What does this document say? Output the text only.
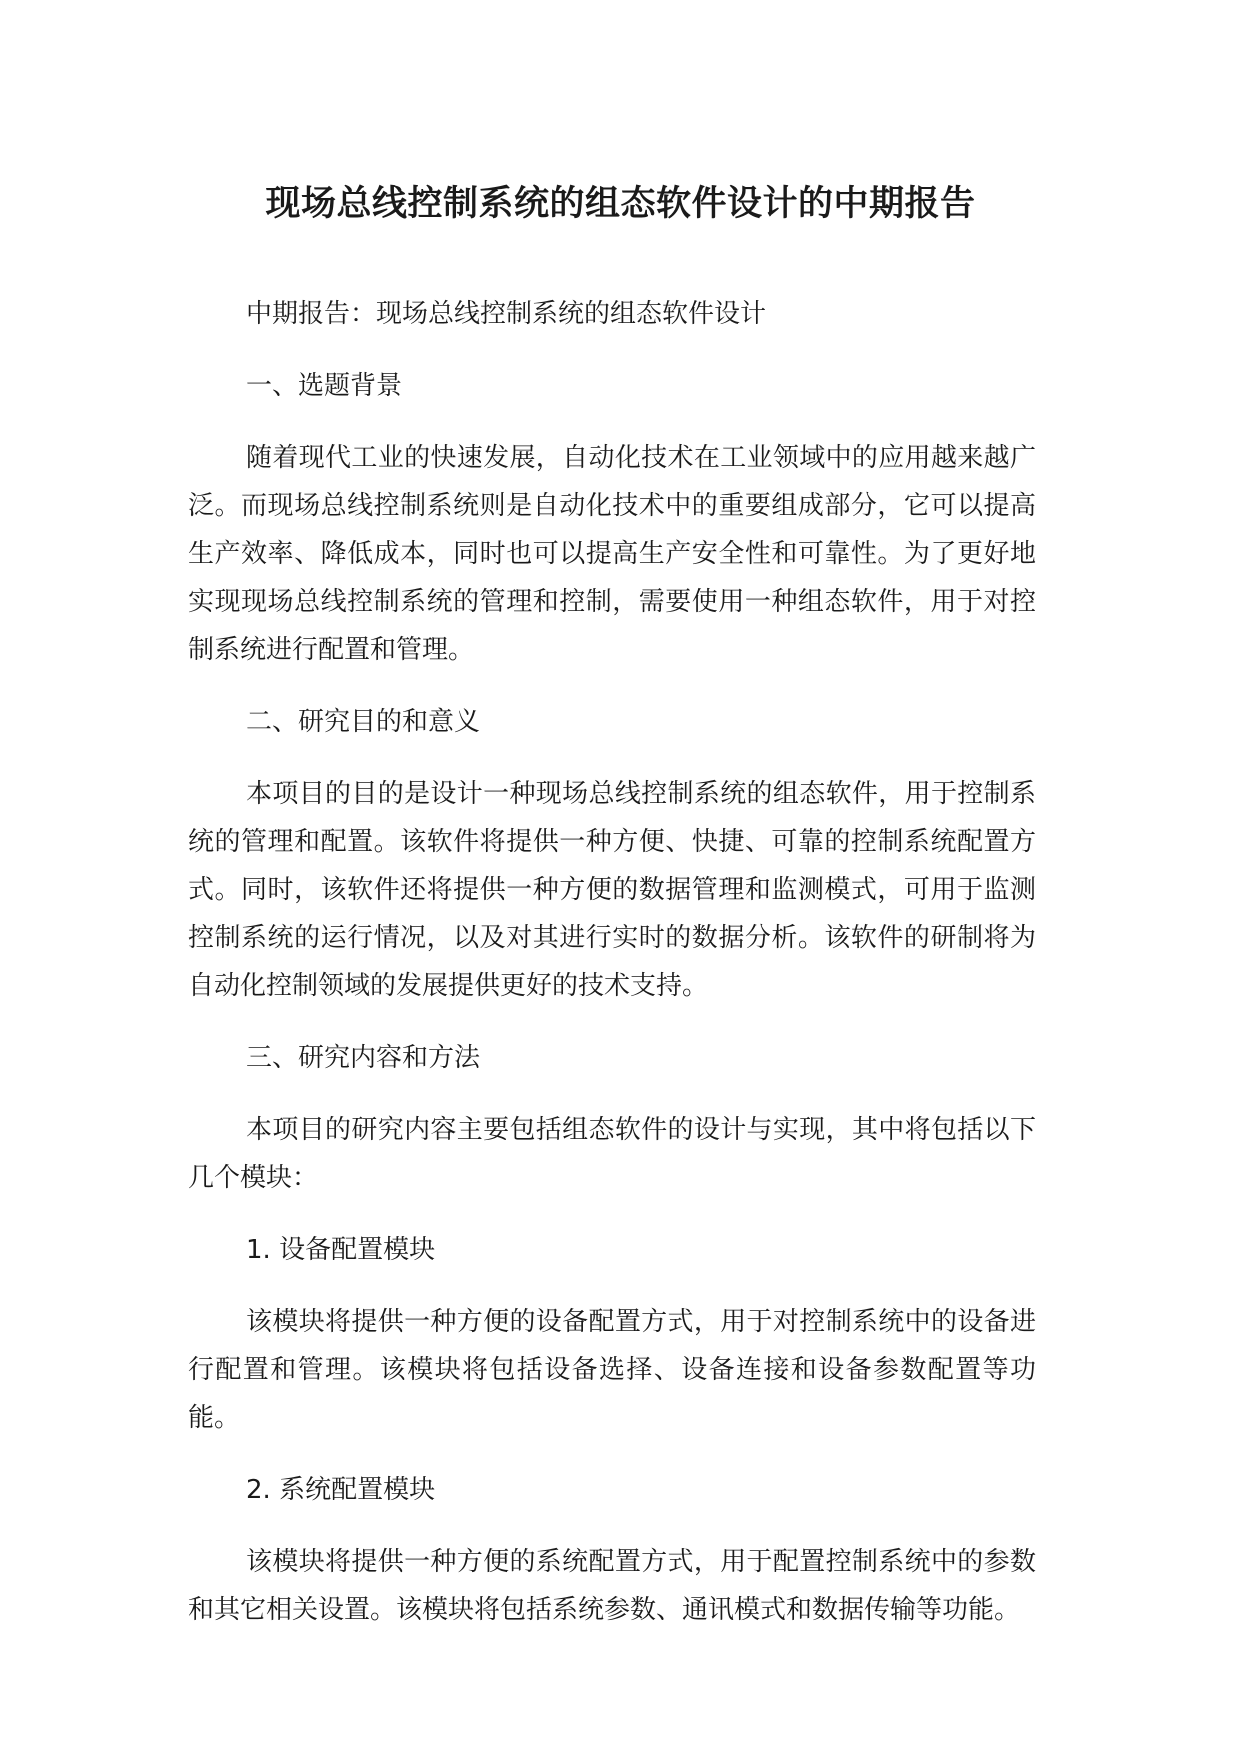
现场总线控制系统的组态软件设计的中期报告

中期报告：现场总线控制系统的组态软件设计

一、选题背景

随着现代工业的快速发展，自动化技术在工业领域中的应用越来越广泛。而现场总线控制系统则是自动化技术中的重要组成部分，它可以提高生产效率、降低成本，同时也可以提高生产安全性和可靠性。为了更好地实现现场总线控制系统的管理和控制，需要使用一种组态软件，用于对控制系统进行配置和管理。

二、研究目的和意义

本项目的目的是设计一种现场总线控制系统的组态软件，用于控制系统的管理和配置。该软件将提供一种方便、快捷、可靠的控制系统配置方式。同时，该软件还将提供一种方便的数据管理和监测模式，可用于监测控制系统的运行情况，以及对其进行实时的数据分析。该软件的研制将为自动化控制领域的发展提供更好的技术支持。

三、研究内容和方法

本项目的研究内容主要包括组态软件的设计与实现，其中将包括以下几个模块：

1. 设备配置模块

该模块将提供一种方便的设备配置方式，用于对控制系统中的设备进行配置和管理。该模块将包括设备选择、设备连接和设备参数配置等功能。

2. 系统配置模块

该模块将提供一种方便的系统配置方式，用于配置控制系统中的参数和其它相关设置。该模块将包括系统参数、通讯模式和数据传输等功能。
